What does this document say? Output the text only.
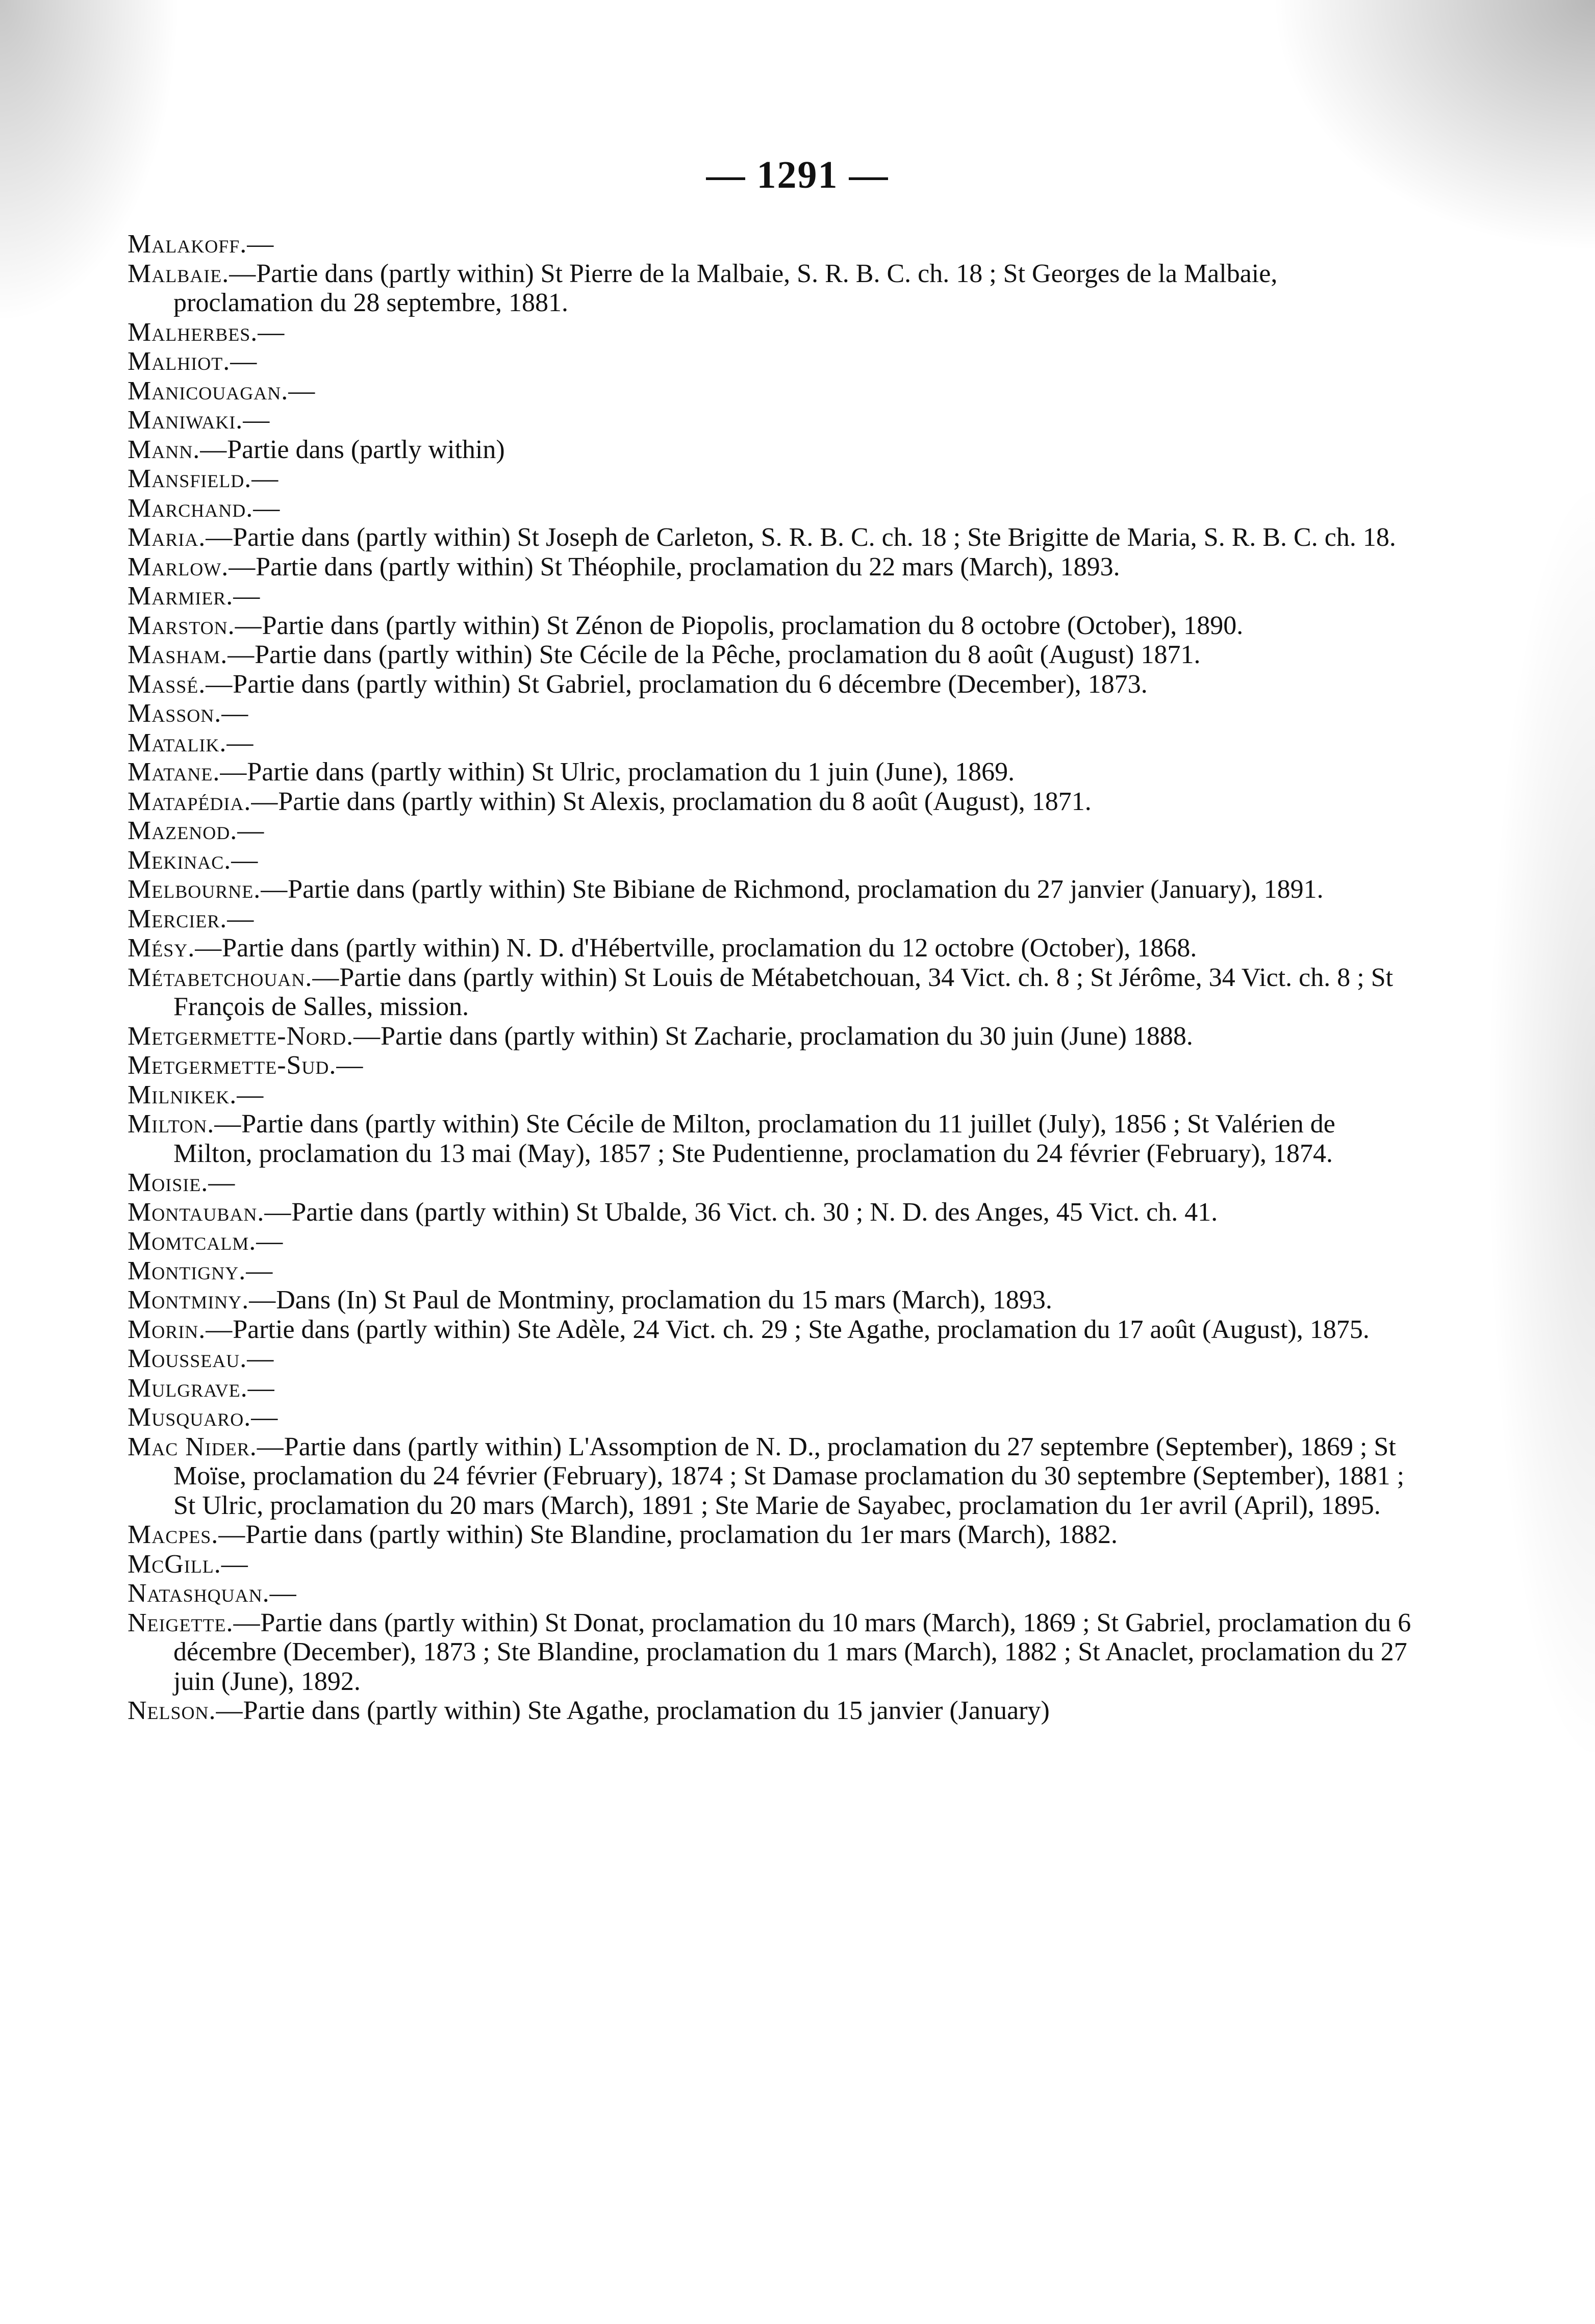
— 1291 —

Malakoff.—

Malbaie.—Partie dans (partly within) St Pierre de la Malbaie, S. R. B. C. ch. 18 ; St Georges de la Malbaie, proclamation du 28 septembre, 1881.

Malherbes.—

Malhiot.—

Manicouagan.—

Maniwaki.—

Mann.—Partie dans (partly within)

Mansfield.—

Marchand.—

Maria.—Partie dans (partly within) St Joseph de Carleton, S. R. B. C. ch. 18 ; Ste Brigitte de Maria, S. R. B. C. ch. 18.

Marlow.—Partie dans (partly within) St Théophile, proclamation du 22 mars (March), 1893.

Marmier.—

Marston.—Partie dans (partly within) St Zénon de Piopolis, proclamation du 8 octobre (October), 1890.

Masham.—Partie dans (partly within) Ste Cécile de la Pêche, proclamation du 8 août (August) 1871.

Massé.—Partie dans (partly within) St Gabriel, proclamation du 6 décembre (December), 1873.

Masson.—

Matalik.—

Matane.—Partie dans (partly within) St Ulric, proclamation du 1 juin (June), 1869.

Matapédia.—Partie dans (partly within) St Alexis, proclamation du 8 août (August), 1871.

Mazenod.—

Mekinac.—

Melbourne.—Partie dans (partly within) Ste Bibiane de Richmond, proclamation du 27 janvier (January), 1891.

Mercier.—

Mésy.—Partie dans (partly within) N. D. d'Hébertville, proclamation du 12 octobre (October), 1868.

Métabetchouan.—Partie dans (partly within) St Louis de Métabetchouan, 34 Vict. ch. 8 ; St Jérôme, 34 Vict. ch. 8 ; St François de Salles, mission.

Metgermette-Nord.—Partie dans (partly within) St Zacharie, proclamation du 30 juin (June) 1888.

Metgermette-Sud.—

Milnikek.—

Milton.—Partie dans (partly within) Ste Cécile de Milton, proclamation du 11 juillet (July), 1856 ; St Valérien de Milton, proclamation du 13 mai (May), 1857 ; Ste Pudentienne, proclamation du 24 février (February), 1874.

Moisie.—

Montauban.—Partie dans (partly within) St Ubalde, 36 Vict. ch. 30 ; N. D. des Anges, 45 Vict. ch. 41.

Momtcalm.—

Montigny.—

Montminy.—Dans (In) St Paul de Montminy, proclamation du 15 mars (March), 1893.

Morin.—Partie dans (partly within) Ste Adèle, 24 Vict. ch. 29 ; Ste Agathe, proclamation du 17 août (August), 1875.

Mousseau.—

Mulgrave.—

Musquaro.—

Mac Nider.—Partie dans (partly within) L'Assomption de N. D., proclamation du 27 septembre (September), 1869 ; St Moïse, proclamation du 24 février (February), 1874 ; St Damase proclamation du 30 septembre (September), 1881 ; St Ulric, proclamation du 20 mars (March), 1891 ; Ste Marie de Sayabec, proclamation du 1er avril (April), 1895.

Macpes.—Partie dans (partly within) Ste Blandine, proclamation du 1er mars (March), 1882.

McGill.—

Natashquan.—

Neigette.—Partie dans (partly within) St Donat, proclamation du 10 mars (March), 1869 ; St Gabriel, proclamation du 6 décembre (December), 1873 ; Ste Blandine, proclamation du 1 mars (March), 1882 ; St Anaclet, proclamation du 27 juin (June), 1892.

Nelson.—Partie dans (partly within) Ste Agathe, proclamation du 15 janvier (January)
